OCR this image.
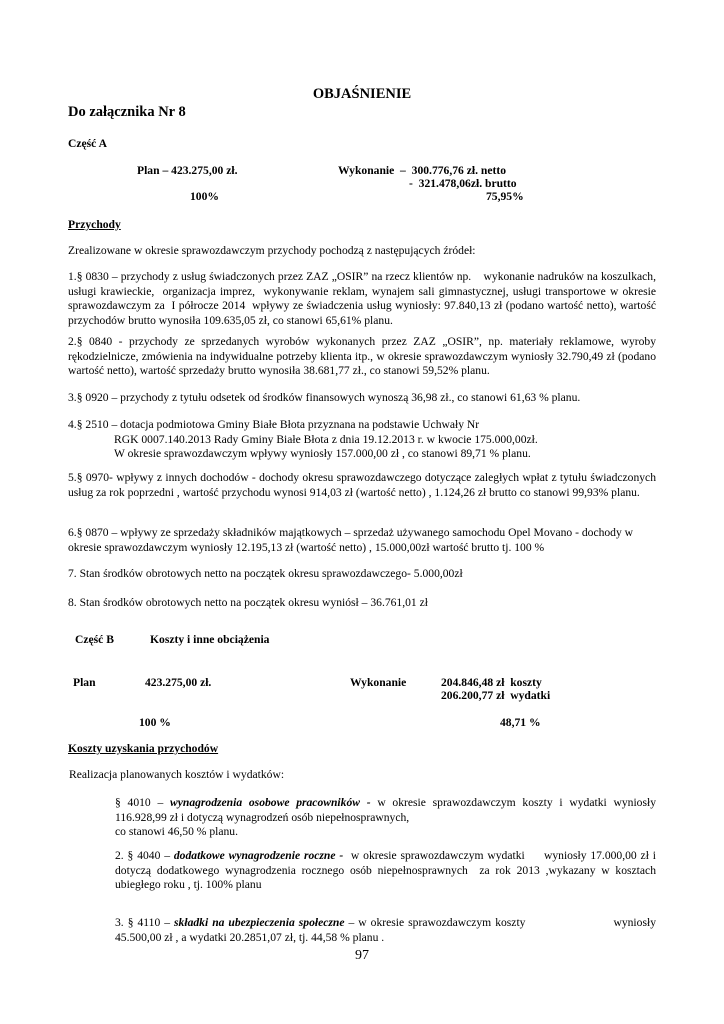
OBJAŚNIENIE
Do załącznika Nr 8
Część A
Plan – 423.275,00 zł.	Wykonanie  –  300.776,76 zł. netto
-  321.478,06zł. brutto
100%	75,95%
Przychody
Zrealizowane w okresie sprawozdawczym przychody pochodzą z następujących źródeł:

1.§ 0830 – przychody z usług świadczonych przez ZAZ „OSIR” na rzecz klientów np.    wykonanie nadruków na koszulkach, usługi krawieckie,  organizacja imprez,  wykonywanie reklam, wynajem sali gimnastycznej, usługi transportowe w okresie sprawozdawczym za  I półrocze 2014  wpływy ze świadczenia usług wyniosły: 97.840,13 zł (podano wartość netto), wartość przychodów brutto wynosiła 109.635,05 zł, co stanowi 65,61% planu.

2.§ 0840 - przychody ze sprzedanych wyrobów wykonanych przez ZAZ „OSIR”, np. materiały reklamowe, wyroby rękodzielnicze, zmówienia na indywidualne potrzeby klienta itp., w okresie sprawozdawczym wyniosły 32.790,49 zł (podano wartość netto), wartość sprzedaży brutto wynosiła 38.681,77 zł., co stanowi 59,52% planu.

3.§ 0920 – przychody z tytułu odsetek od środków finansowych wynoszą 36,98 zł., co stanowi 61,63 % planu.

4.§ 2510 – dotacja podmiotowa Gminy Białe Błota przyznana na podstawie Uchwały Nr
RGK 0007.140.2013 Rady Gminy Białe Błota z dnia 19.12.2013 r. w kwocie 175.000,00zł.
W okresie sprawozdawczym wpływy wyniosły 157.000,00 zł , co stanowi 89,71 % planu.

5.§ 0970- wpływy z innych dochodów - dochody okresu sprawozdawczego dotyczące zaległych wpłat z tytułu świadczonych usług za rok poprzedni , wartość przychodu wynosi 914,03 zł (wartość netto) , 1.124,26 zł brutto co stanowi 99,93% planu.

6.§ 0870 – wpływy ze sprzedaży składników majątkowych – sprzedaż używanego samochodu Opel Movano - dochody w okresie sprawozdawczym wyniosły 12.195,13 zł (wartość netto) , 15.000,00zł wartość brutto tj. 100 %

7. Stan środków obrotowych netto na początek okresu sprawozdawczego- 5.000,00zł

8. Stan środków obrotowych netto na początek okresu wyniósł – 36.761,01 zł

Część B	Koszty i inne obciążenia
Plan	423.275,00 zł.	Wykonanie	204.846,48 zł  koszty
206.200,77 zł  wydatki
100 %	48,71 %
Koszty uzyskania przychodów
Realizacja planowanych kosztów i wydatków:
§ 4010 – wynagrodzenia osobowe pracowników - w okresie sprawozdawczym koszty i wydatki wyniosły 116.928,99 zł i dotyczą wynagrodzeń osób niepełnosprawnych,
co stanowi 46,50 % planu.
2. § 4040 – dodatkowe wynagrodzenie roczne -  w okresie sprawozdawczym wydatki     wyniosły 17.000,00 zł i dotyczą dodatkowego wynagrodzenia rocznego osób niepełnosprawnych  za rok 2013 ,wykazany w kosztach ubiegłego roku , tj. 100% planu
3. § 4110 – składki na ubezpieczenia społeczne – w okresie sprawozdawczym koszty                      wyniosły 45.500,00 zł , a wydatki 20.2851,07 zł, tj. 44,58 % planu .
97
